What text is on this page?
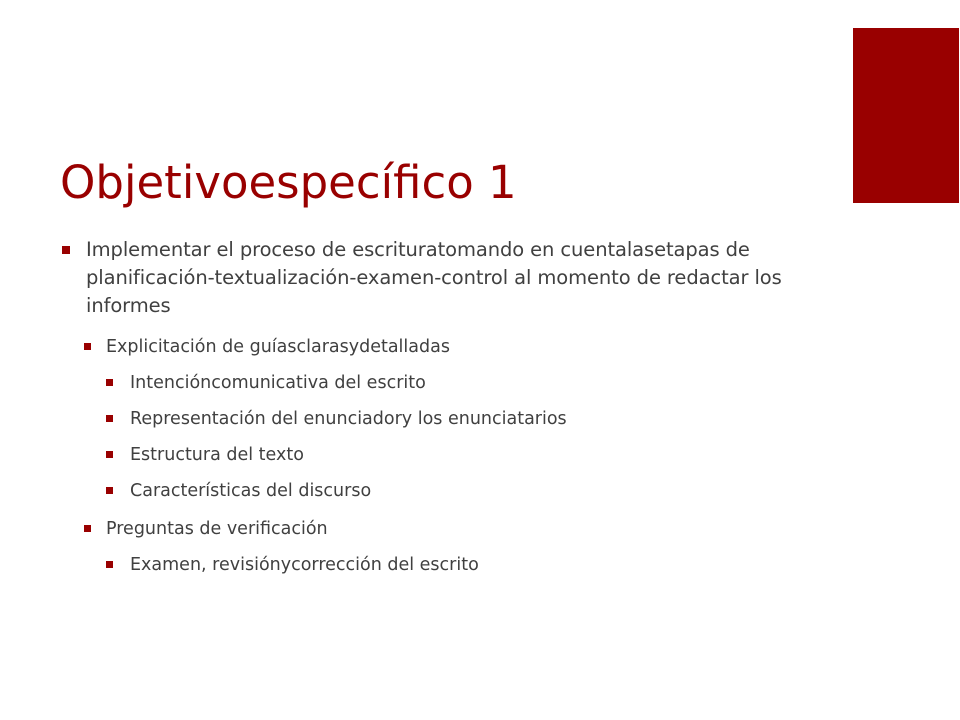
Objetivoespecífico 1
Implementar el proceso de escrituratomando en cuentalasetapas de planificación-textualización-examen-control al momento de redactar los informes
Explicitación de guíasclarasydetalladas
Intencióncomunicativa del escrito
Representación del enunciadory los enunciatarios
Estructura del texto
Características del discurso
Preguntas de verificación
Examen, revisiónycorrección del escrito
